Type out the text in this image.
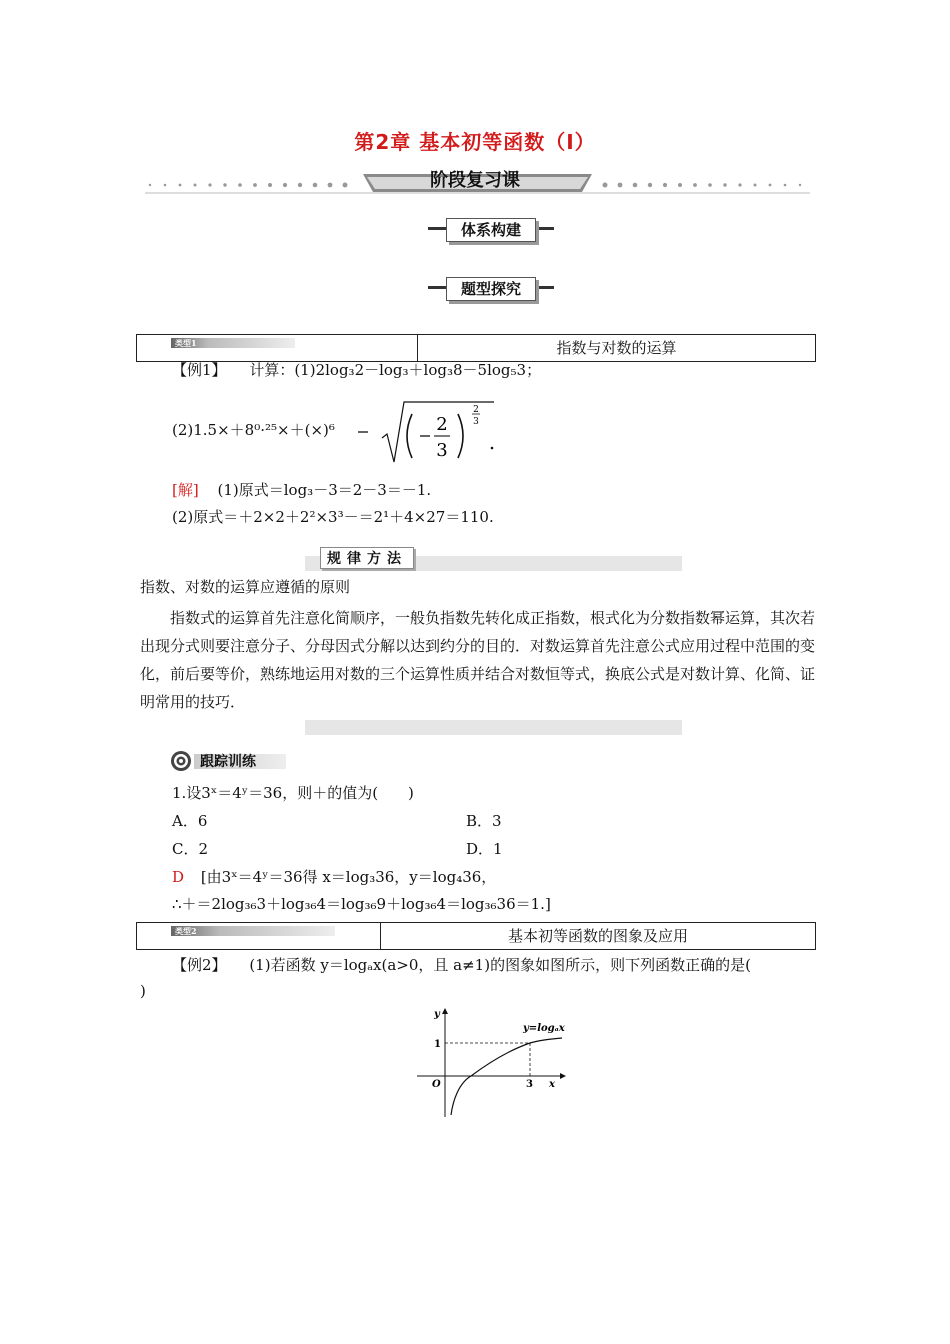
第2章 基本初等函数（Ⅰ）
阶段复习课
体系构建
题型探究
类型1	指数与对数的运算
【例1】 计算：(1)2log₃2－log₃＋log₃8－5log₅3；
(2)1.5×＋8⁰·²⁵×＋(×)⁶	2
3
2
3
[解] (1)原式＝log₃－3＝2－3＝－1.
(2)原式＝＋2×2＋2²×3³－＝2¹＋4×27＝110.
规律方法
指数、对数的运算应遵循的原则
指数式的运算首先注意化简顺序，一般负指数先转化成正指数，根式化为分数指数幂运算，其次若出现分式则要注意分子、分母因式分解以达到约分的目的．对数运算首先注意公式应用过程中范围的变化，前后要等价，熟练地运用对数的三个运算性质并结合对数恒等式，换底公式是对数计算、化简、证明常用的技巧．
跟踪训练
1.设3ˣ＝4ʸ＝36，则＋的值为(　　)
A．6	B．3
C．2	D．1
D [由3ˣ＝4ʸ＝36得 x＝log₃36，y＝log₄36，
∴＋＝2log₃₆3＋log₃₆4＝log₃₆9＋log₃₆4＝log₃₆36＝1.]
类型2	基本初等函数的图象及应用
【例2】 (1)若函数 y＝logₐx(a>0，且 a≠1)的图象如图所示，则下列函数正确的是(
)
y
x
O
1
3
y=logₐx
